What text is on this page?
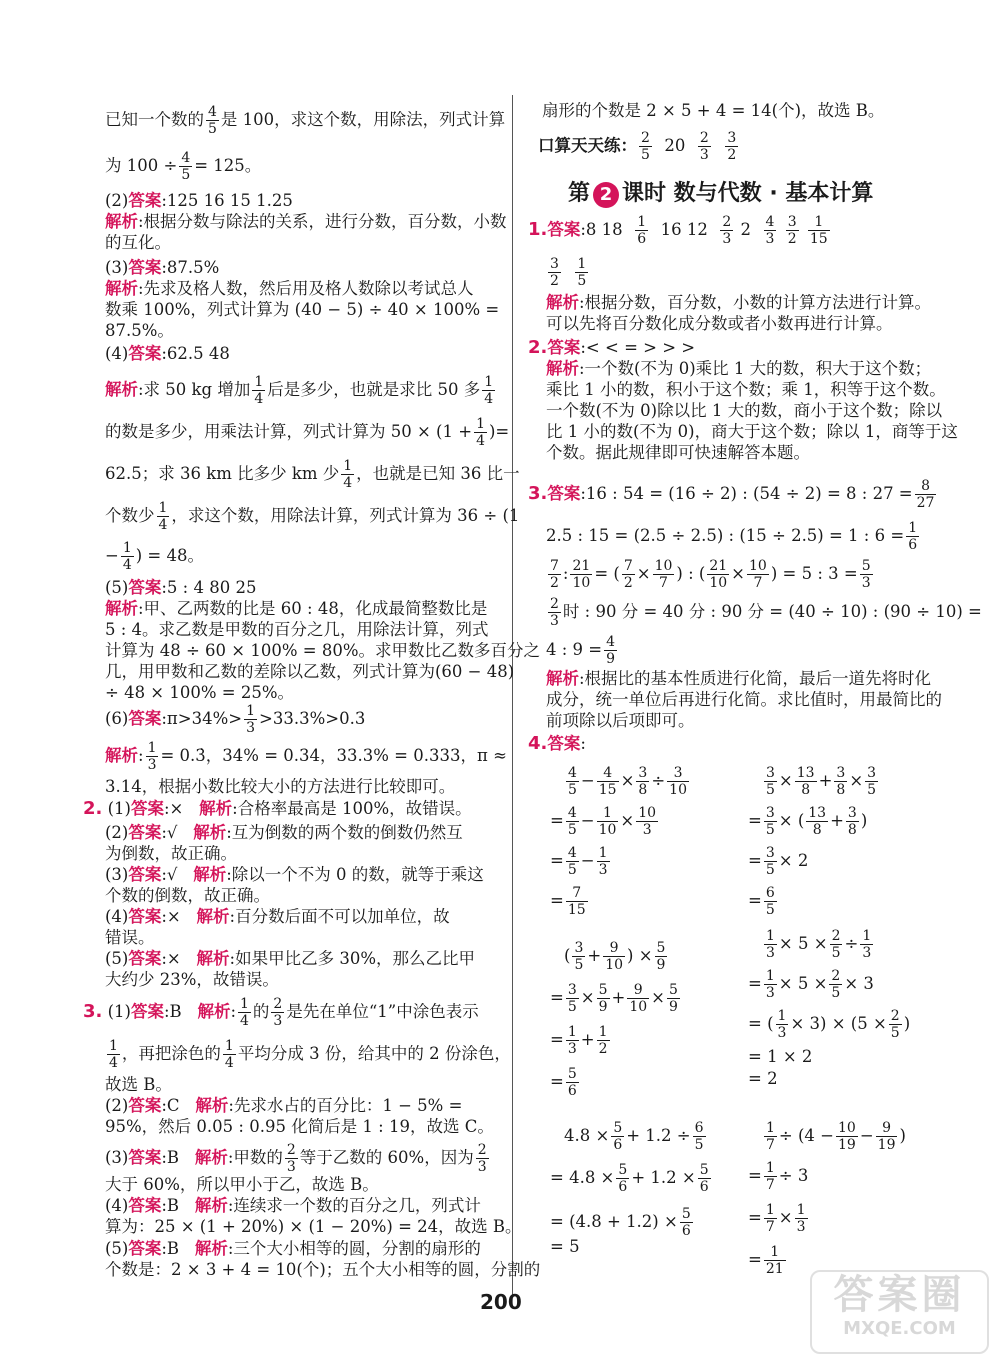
已知一个数的 $\frac{4}{5}$ 是 100，求这个数，用除法，列式计算
为 $100 \div \frac{4}{5} = 125$。
(2)答案:125 16 15 1.25
解析:根据分数与除法的关系，进行分数，百分数，小数
的互化。
(3)答案:87.5%
解析:先求及格人数，然后用及格人数除以考试总人
数乘 100%，列式计算为 (40 − 5) ÷ 40 × 100% =
87.5%。
(4)答案:62.5 48
解析:求 50 kg 增加 $\frac{1}{4}$ 后是多少，也就是求比 50 多 $\frac{1}{4}$
的数是多少，用乘法计算，列式计算为 $50 \times (1 + \frac{1}{4}$ )=
62.5；求 36 km 比多少 km 少 $\frac{1}{4}$ ，也就是已知 36 比一
个数少 $\frac{1}{4}$ ，求这个数，用除法计算，列式计算为 36 ÷ (1
− $\frac{1}{4}$ ) = 48。
(5)答案:5 : 4 80 25
解析:甲、乙两数的比是 60 : 48，化成最简整数比是
5 : 4。求乙数是甲数的百分之几，用除法计算，列式
计算为 48 ÷ 60 × 100% = 80%。求甲数比乙数多百分之
几，用甲数和乙数的差除以乙数，列式计算为(60 − 48)
÷ 48 × 100% = 25%。
(6)答案:π>34%> $\frac{1}{3} >33.3\%>0.3$
解析: $\frac{1}{3}$ = 0.3̇，34% = 0.34，33.3% = 0.333，π ≈
3.14，根据小数比较大小的方法进行比较即可。
2. (1)答案:× 解析:合格率最高是 100%，故错误。
(2)答案:√ 解析:互为倒数的两个数的倒数仍然互
为倒数，故正确。
(3)答案:√ 解析:除以一个不为 0 的数，就等于乘这
个数的倒数，故正确。
(4)答案:× 解析:百分数后面不可以加单位，故
错误。
(5)答案:× 解析:如果甲比乙多 30%，那么乙比甲
大约少 23%，故错误。
3. (1)答案:B 解析: $\frac{1}{4}$ 的 $\frac{2}{3}$ 是先在单位“1”中涂色表示
$\frac{1}{4}$ ，再把涂色的 $\frac{1}{4}$ 平均分成 3 份，给其中的 2 份涂色，
故选 B。
(2)答案:C 解析:先求水占的百分比：1 − 5% =
95%，然后 0.05 : 0.95 化简后是 1 : 19，故选 C。
(3)答案:B 解析:甲数的 $\frac{2}{3}$ 等于乙数的 60%，因为 $\frac{2}{3}$
大于 60%，所以甲小于乙，故选 B。
(4)答案:B 解析:连续求一个数的百分之几，列式计
算为：25 × (1 + 20%) × (1 − 20%) = 24，故选 B。
(5)答案:B 解析:三个大小相等的圆，分割的扇形的
个数是：2 × 3 + 4 = 10(个)；五个大小相等的圆，分割的
扇形的个数是 2 × 5 + 4 = 14(个)，故选 B。
口算天天练： $\frac{2}{5} 20 \frac{2}{3}$
$\frac{3}{2}$
第 2 课时 数与代数 · 基本计算
1.答案:8 $18 \frac{1}{6} 16$ $12 \frac{2}{3} 2 \frac{4}{3}$
$\frac{3}{2}$
$\frac{1}{15}$
$\frac{3}{2}$
$\frac{1}{5}$
解析:根据分数，百分数，小数的计算方法进行计算。
可以先将百分数化成分数或者小数再进行计算。
2.答案:< < = > > >
解析:一个数(不为 0)乘比 1 大的数，积大于这个数；
乘比 1 小的数，积小于这个数；乘 1，积等于这个数。
一个数(不为 0)除以比 1 大的数，商小于这个数；除以
比 1 小的数(不为 0)，商大于这个数；除以 1，商等于这
个数。据此规律即可快速解答本题。
3.答案:16 : 54 = (16 ÷ 2) : (54 ÷ 2) = 8 : $27 = \frac{8}{27}$
2.5 : 15 = (2.5 ÷ 2.5) : (15 ÷ 2.5) = 1 : $6 = \frac{1}{6}$
$\frac{7}{2}$ : $\frac{21}{10}$ = ( $\frac{7}{2} \times \frac{10}{7}$ ) : ( $\frac{21}{10} \times \frac{10}{7}$ ) = 5 : $3 = \frac{5}{3}$
$\frac{2}{3}$ 时 : 90 分 = 40 分 : 90 分 = (40 ÷ 10) : (90 ÷ 10) =
4 : $9 = \frac{4}{9}$
解析:根据比的基本性质进行化简，最后一道先将时化
成分，统一单位后再进行化简。求比值时，用最简比的
前项除以后项即可。
4.答案:
$\frac{4}{5} - \frac{4}{15} \times \frac{3}{8} \div \frac{3}{10}$
= $\frac{4}{5} - \frac{1}{10} \times \frac{10}{3}$
= $\frac{4}{5} - \frac{1}{3}$
= $\frac{7}{15}$
$\frac{3}{5} \times \frac{13}{8} + \frac{3}{8} \times \frac{3}{5}$
= $\frac{3}{5}$ × ( $\frac{13}{8} + \frac{3}{8}$ )
= $\frac{3}{5} \times 2$
= $\frac{6}{5}$
( $\frac{3}{5} + \frac{9}{10}$ ) × $\frac{5}{9}$
= $\frac{3}{5} \times \frac{5}{9} + \frac{9}{10} \times \frac{5}{9}$
= $\frac{1}{3} + \frac{1}{2}$
= $\frac{5}{6}$
$\frac{1}{3} \times 5 \times \frac{2}{5} \div \frac{1}{3}$
= $\frac{1}{3} \times 5 \times \frac{2}{5} \times 3$
= ( $\frac{1}{3} \times 3) \times (5 \times \frac{2}{5}$ )
= 1 × 2
= 2
$4.8 \times \frac{5}{6} + 1.2 \div \frac{6}{5}$
= $4.8 \times \frac{5}{6} + 1.2 \times \frac{5}{6}$
= $(4.8 + 1.2) \times \frac{5}{6}$
= 5
$\frac{1}{7} \div (4 - \frac{10}{19} - \frac{9}{19}$ )
= $\frac{1}{7} \div 3$
= $\frac{1}{7} \times \frac{1}{3}$
= $\frac{1}{21}$
200	答案圈
MXQE.COM
